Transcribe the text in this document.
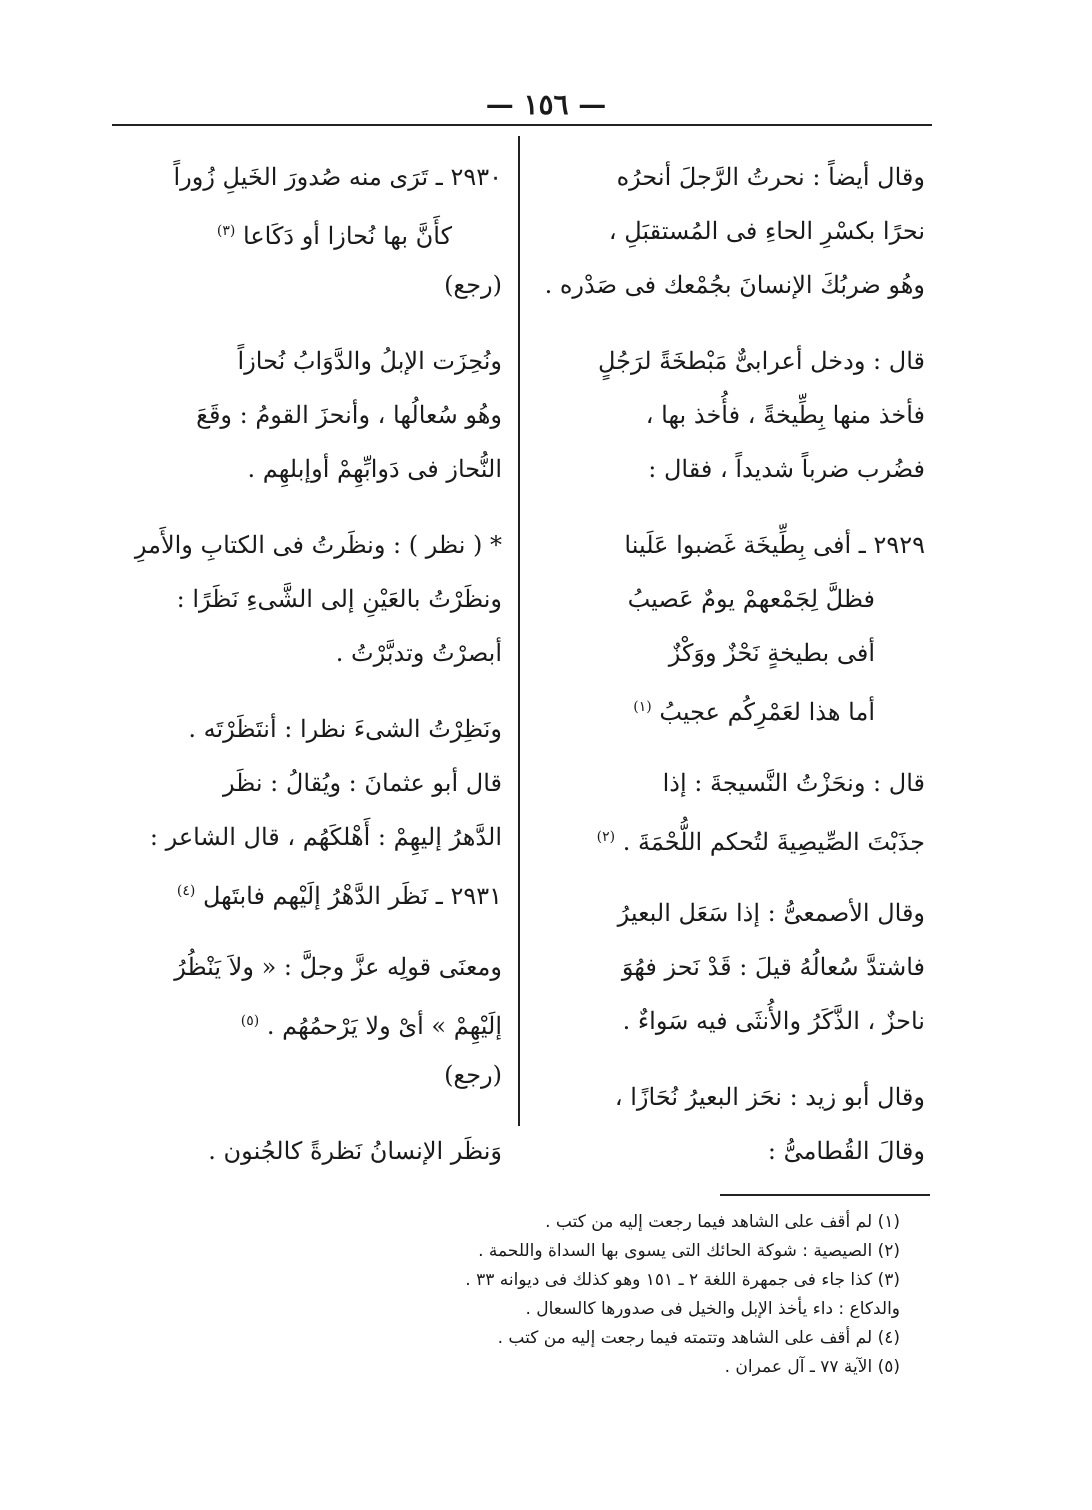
— ١٥٦ —
وقال أيضاً : نحرتُ الرَّجلَ أنحرُه
نحرًا بكسْرِ الحاءِ فى المُستقبَلِ ،
وهُو ضربُكَ الإنسانَ بجُمْعك فى صَدْره .
قال : ودخل أعرابىٌّ مَبْطخَةً لرَجُلٍ
فأخذ منها بِطِّيخةً ، فأُخذ بها ،
فضُرب ضرباً شديداً ، فقال :
٢٩٢٩ ـ أفى بِطِّيخَة غَضبوا عَلَينا
فظلَّ لِجَمْعهمْ يومٌ عَصيبُ
أفى بطيخةٍ نَحْزٌ ووَكْزٌ
أما هذا لعَمْرِكُم عجيبُ $^{(١)}$
قال : ونحَزْتُ النَّسيجةَ : إذا
جذَبْتَ الصِّيصِيةَ لتُحكم اللُّحْمَةَ . $^{(٢)}$
وقال الأصمعىُّ : إذا سَعَل البعيرُ
فاشتدَّ سُعالُهُ قيلَ : قَدْ نَحز فهُوَ
ناحزٌ ، الذَّكَرُ والأُنثَى فيه سَواءٌ .
وقال أبو زيد : نحَز البعيرُ نُحَازًا ،
وقالَ القُطامىُّ :
٢٩٣٠ ـ تَرَى منه صُدورَ الخَيلِ زُوراً
كأَنَّ بها نُحازا أو دَكَاعا $^{(٣)}$
(رجع)
ونُحِزَت الإبلُ والدَّوَابُ نُحازاً
وهُو سُعالُها ، وأنحزَ القومُ : وقَعَ
النُّحاز فى دَوابِّهِمْ أوإبلهِم .
* ( نظر ) : ونظَرتُ فى الكتابِ والأَمرِ
ونظَرْتُ بالعَيْنِ إلى الشَّىءِ نَظَرًا :
أبصرْتُ وتدبَّرْتُ .
ونَظِرْتُ الشىءَ نظرا : أنتَظَرْتَه .
قال أبو عثمانَ : ويُقالُ : نظَر
الدَّهرُ إليهِمْ : أَهْلكَهُم ، قال الشاعر :
٢٩٣١ ـ نَظَر الدَّهْرُ إلَيْهم فابتَهل $^{(٤)}$
ومعنَى قولِه عزَّ وجلَّ : « ولاَ يَنْظُرُ
إلَيْهِمْ » أىْ ولا يَرْحمُهُم . $^{(٥)}$
(رجع)
وَنظَر الإنسانُ نَظرةً كالجُنون .
(١) لم أقف على الشاهد فيما رجعت إليه من كتب .
(٢) الصيصية : شوكة الحائك التى يسوى بها السداة واللحمة .
(٣) كذا جاء فى جمهرة اللغة ٢ ـ ١٥١ وهو كذلك فى ديوانه ٣٣ .
والدكاع : داء يأخذ الإبل والخيل فى صدورها كالسعال .
(٤) لم أقف على الشاهد وتتمته فيما رجعت إليه من كتب .
(٥) الآية ٧٧ ـ آل عمران .
